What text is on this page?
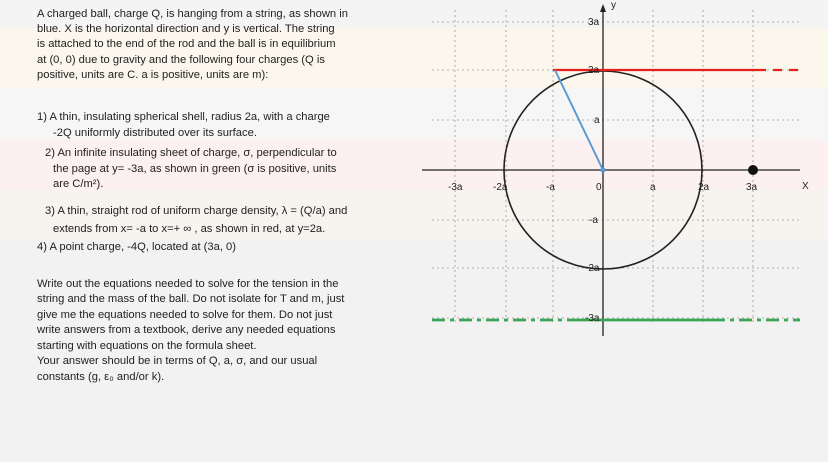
A charged ball, charge Q, is hanging from a string, as shown in
blue. X is the horizontal direction and y is vertical. The string
is attached to the end of the rod and the ball is in equilibrium
at (0, 0) due to gravity and the following four charges (Q is
positive, units are C. a is positive, units are m):
1) A thin, insulating spherical shell, radius 2a, with a charge
-2Q uniformly distributed over its surface.
2) An infinite insulating sheet of charge, σ, perpendicular to
the page at y= -3a, as shown in green (σ is positive, units
are C/m²).
3) A thin, straight rod of uniform charge density, λ = (Q/a) and
extends from x= -a to x=+ ∞ , as shown in red, at y=2a.
4) A point charge, -4Q, located at (3a, 0)
Write out the equations needed to solve for the tension in the
string and the mass of the ball. Do not isolate for T and m, just
give me the equations needed to solve for them. Do not just
write answers from a textbook, derive any needed equations
starting with equations on the formula sheet.
Your answer should be in terms of Q, a, σ, and our usual
constants (g, ε₀ and/or k).
y
X
-3a	-2a	-a	0	a	2a	3a
3a
2a
a
-a
-2a
-3a
